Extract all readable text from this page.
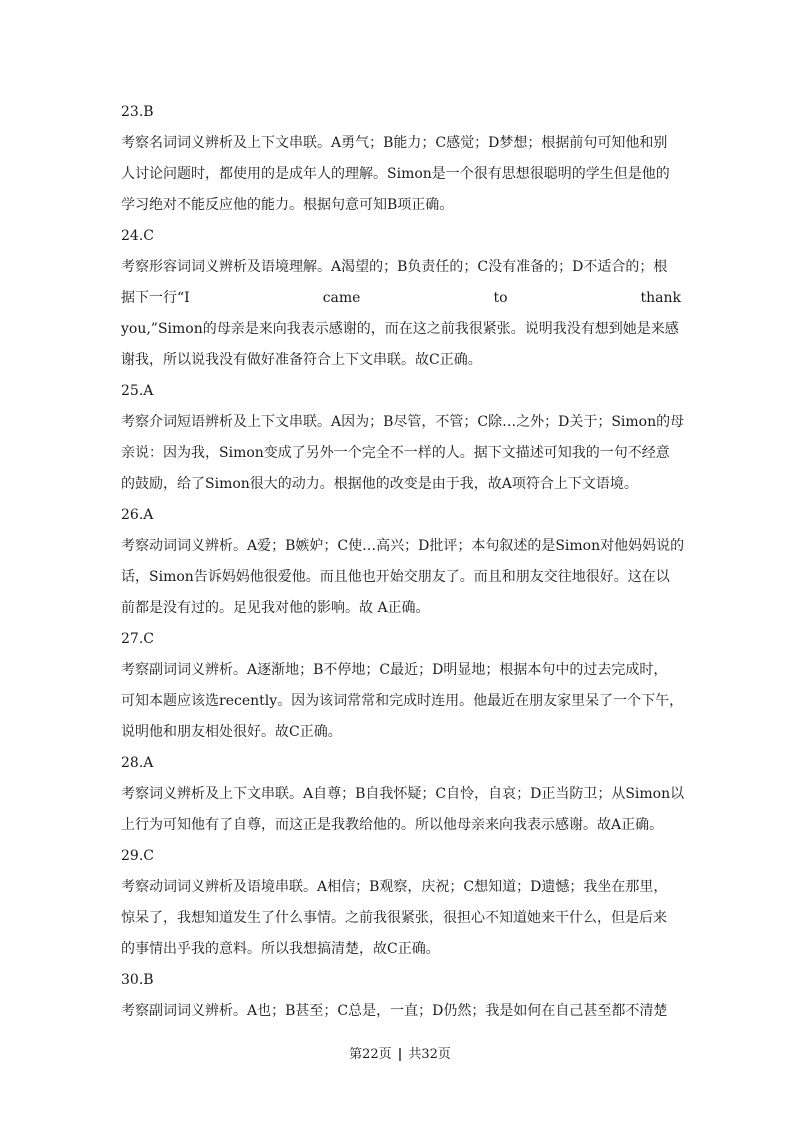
23.B
考察名词词义辨析及上下文串联。A勇气；B能力；C感觉；D梦想；根据前句可知他和别
人讨论问题时，都使用的是成年人的理解。Simon是一个很有思想很聪明的学生但是他的
学习绝对不能反应他的能力。根据句意可知B项正确。
24.C
考察形容词词义辨析及语境理解。A渴望的；B负责任的；C没有准备的；D不适合的；根
据下一行“I	came	to	thank
you,”Simon的母亲是来向我表示感谢的，而在这之前我很紧张。说明我没有想到她是来感
谢我，所以说我没有做好准备符合上下文串联。故C正确。
25.A
考察介词短语辨析及上下文串联。A因为；B尽管，不管；C除…之外；D关于；Simon的母
亲说：因为我，Simon变成了另外一个完全不一样的人。据下文描述可知我的一句不经意
的鼓励，给了Simon很大的动力。根据他的改变是由于我，故A项符合上下文语境。
26.A
考察动词词义辨析。A爱；B嫉妒；C使…高兴；D批评；本句叙述的是Simon对他妈妈说的
话，Simon告诉妈妈他很爱他。而且他也开始交朋友了。而且和朋友交往地很好。这在以
前都是没有过的。足见我对他的影响。故 A正确。
27.C
考察副词词义辨析。A逐渐地；B不停地；C最近；D明显地；根据本句中的过去完成时，
可知本题应该选recently。因为该词常常和完成时连用。他最近在朋友家里呆了一个下午，
说明他和朋友相处很好。故C正确。
28.A
考察词义辨析及上下文串联。A自尊；B自我怀疑；C自怜，自哀；D正当防卫；从Simon以
上行为可知他有了自尊，而这正是我教给他的。所以他母亲来向我表示感谢。故A正确。
29.C
考察动词词义辨析及语境串联。A相信；B观察，庆祝；C想知道；D遗憾；我坐在那里，
惊呆了，我想知道发生了什么事情。之前我很紧张，很担心不知道她来干什么，但是后来
的事情出乎我的意料。所以我想搞清楚，故C正确。
30.B
考察副词词义辨析。A也；B甚至；C总是，一直；D仍然；我是如何在自己甚至都不清楚
第22页 | 共32页
